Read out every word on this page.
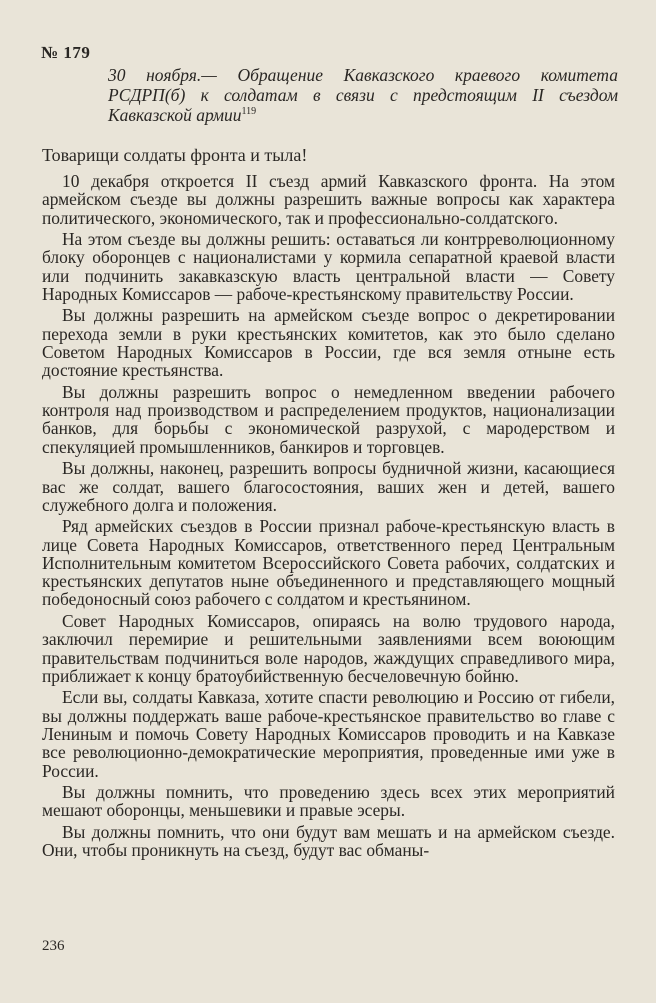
№ 179
30 ноября.— Обращение Кавказского краевого комитета РСДРП(б) к солдатам в связи с предстоящим II съездом Кавказской армии$^{119}$
Товарищи солдаты фронта и тыла!

10 декабря откроется II съезд армий Кавказского фронта. На этом армейском съезде вы должны разрешить важные вопросы как характера политического, экономического, так и профессионально-солдатского.

На этом съезде вы должны решить: оставаться ли контрреволюционному блоку оборонцев с националистами у кормила сепаратной краевой власти или подчинить закавказскую власть центральной власти — Совету Народных Комиссаров — рабоче-крестьянскому правительству России.

Вы должны разрешить на армейском съезде вопрос о декретировании перехода земли в руки крестьянских комитетов, как это было сделано Советом Народных Комиссаров в России, где вся земля отныне есть достояние крестьянства.

Вы должны разрешить вопрос о немедленном введении рабочего контроля над производством и распределением продуктов, национализации банков, для борьбы с экономической разрухой, с мародерством и спекуляцией промышленников, банкиров и торговцев.

Вы должны, наконец, разрешить вопросы будничной жизни, касающиеся вас же солдат, вашего благосостояния, ваших жен и детей, вашего служебного долга и положения.

Ряд армейских съездов в России признал рабоче-крестьянскую власть в лице Совета Народных Комиссаров, ответственного перед Центральным Исполнительным комитетом Всероссийского Совета рабочих, солдатских и крестьянских депутатов ныне объединенного и представляющего мощный победоносный союз рабочего с солдатом и крестьянином.

Совет Народных Комиссаров, опираясь на волю трудового народа, заключил перемирие и решительными заявлениями всем воюющим правительствам подчиниться воле народов, жаждущих справедливого мира, приближает к концу братоубийственную бесчеловечную бойню.

Если вы, солдаты Кавказа, хотите спасти революцию и Россию от гибели, вы должны поддержать ваше рабоче-крестьянское правительство во главе с Лениным и помочь Совету Народных Комиссаров проводить и на Кавказе все революционно-демократические мероприятия, проведенные ими уже в России.

Вы должны помнить, что проведению здесь всех этих мероприятий мешают оборонцы, меньшевики и правые эсеры.

Вы должны помнить, что они будут вам мешать и на армейском съезде. Они, чтобы проникнуть на съезд, будут вас обманы-

236
